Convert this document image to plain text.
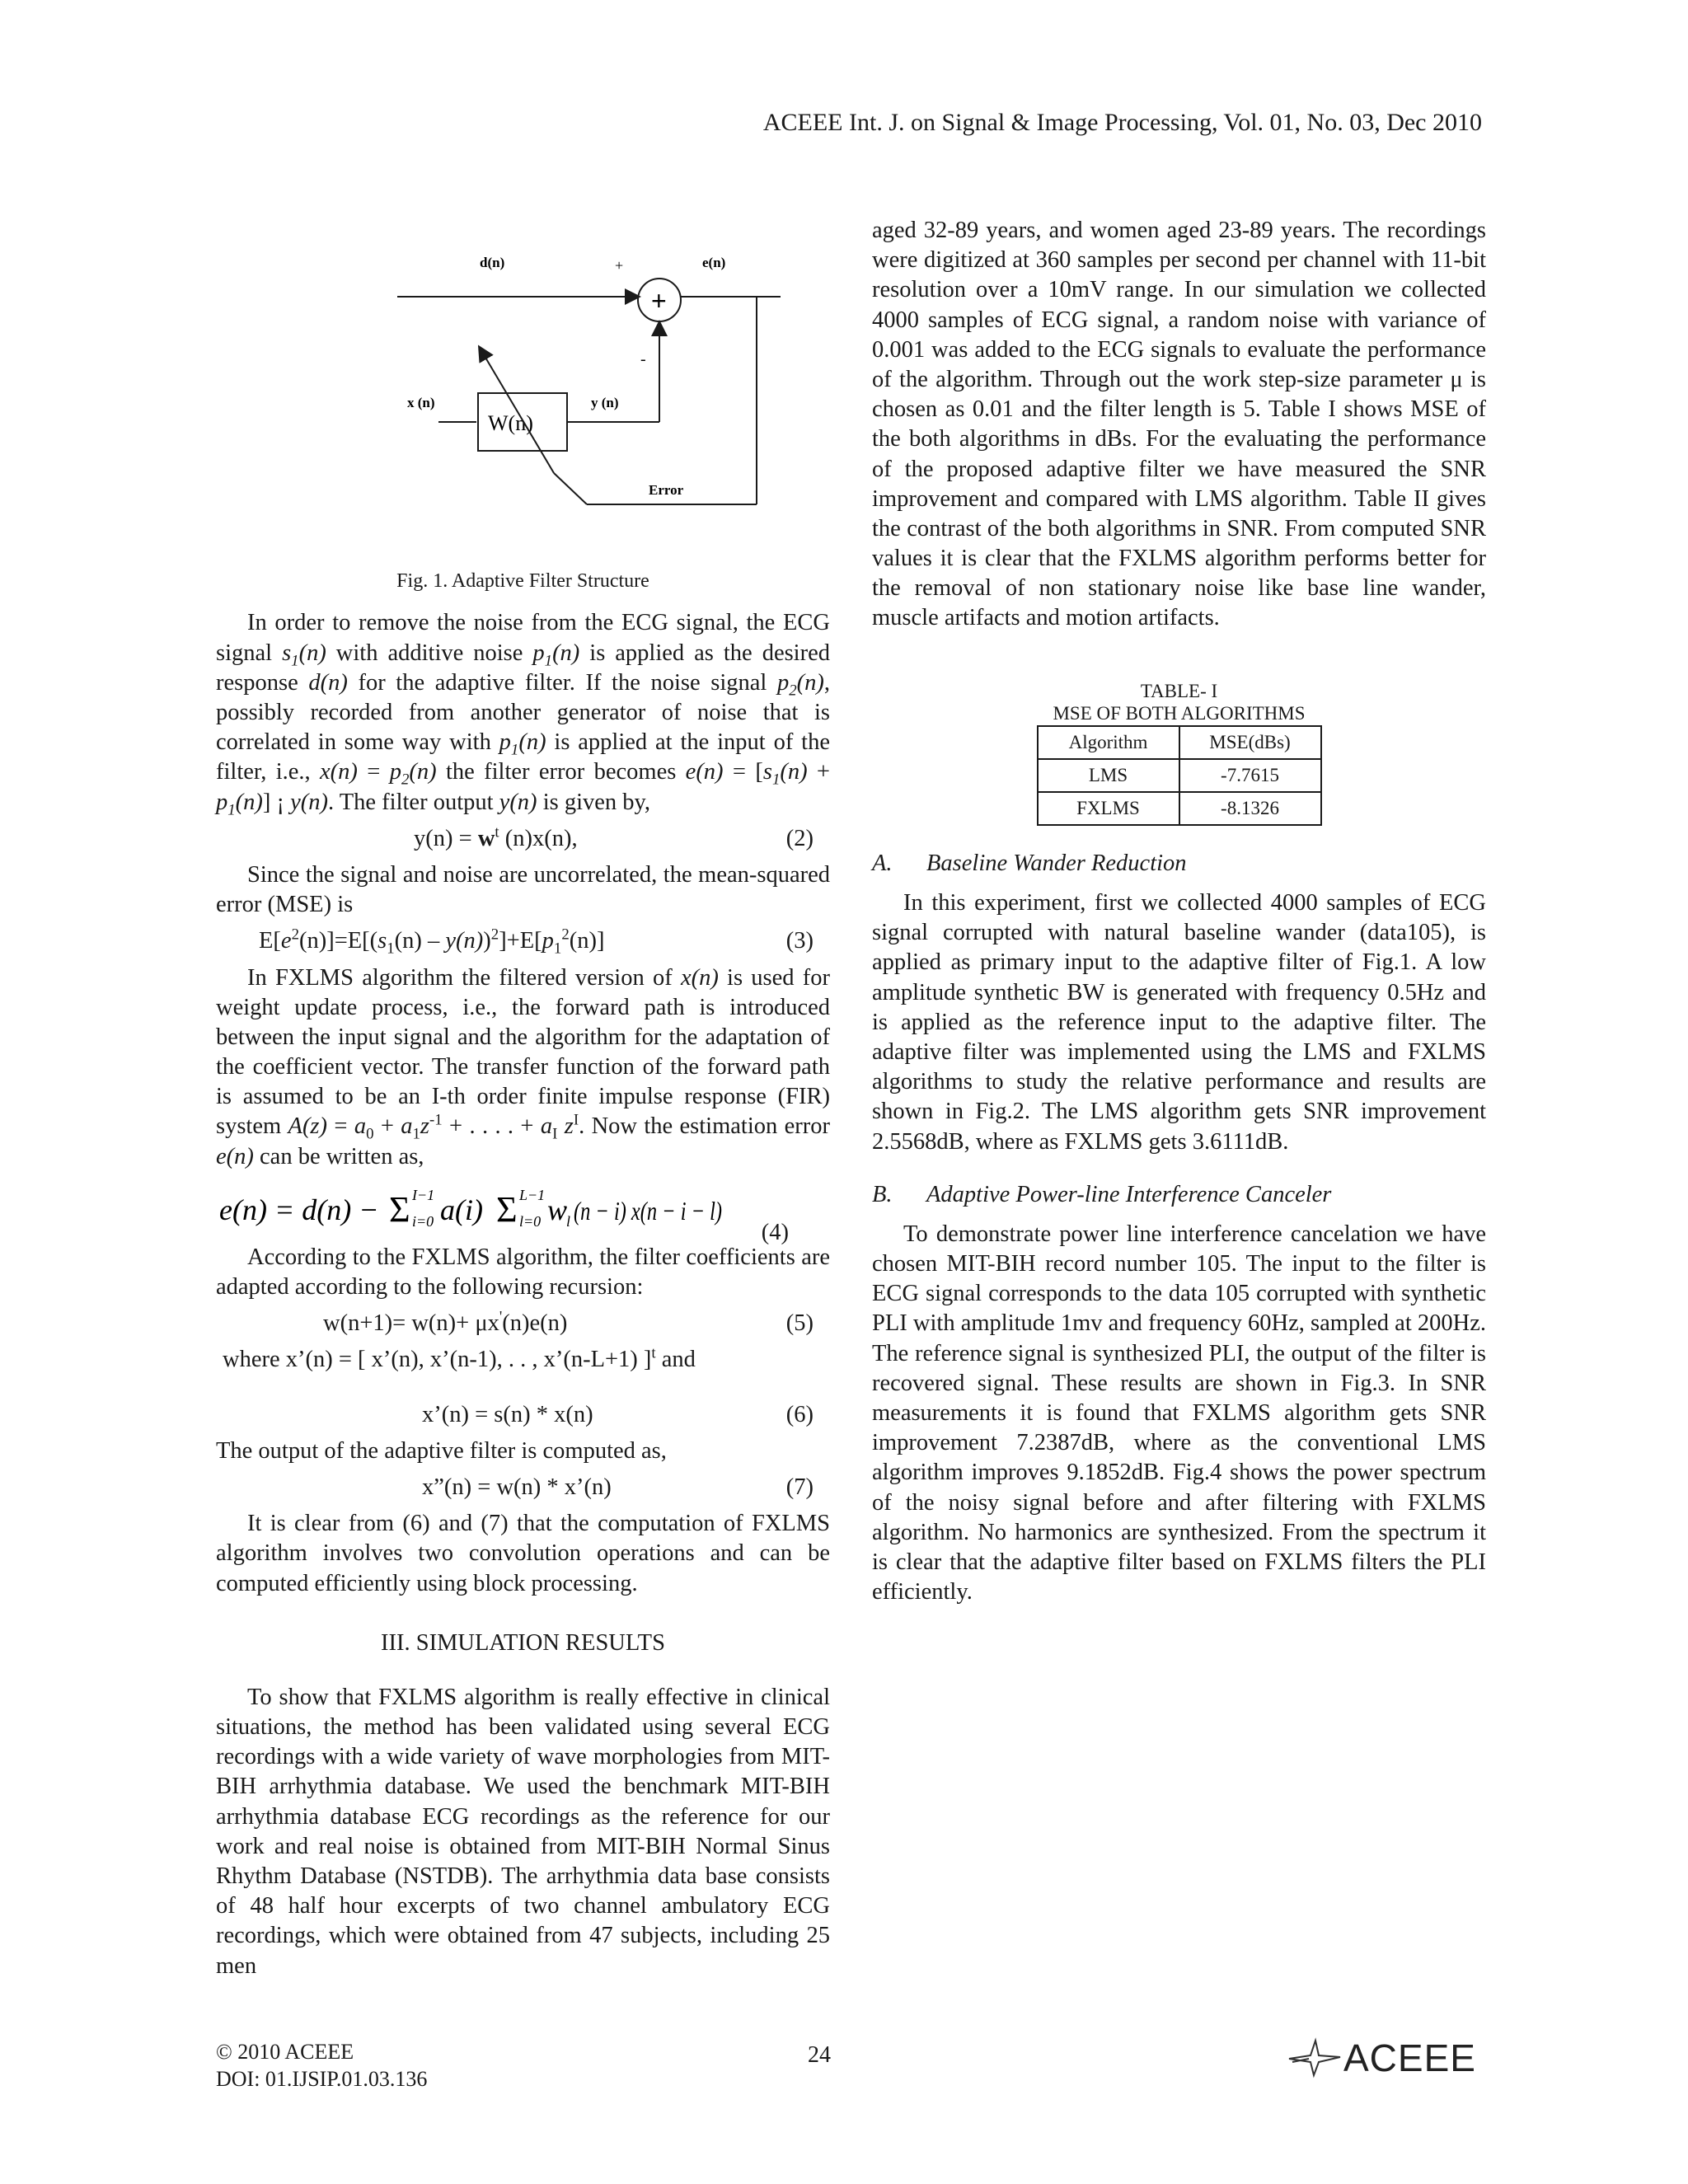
ACEEE Int. J. on Signal & Image Processing, Vol. 01, No. 03, Dec 2010
+
d(n)	+	e(n)
-
W(n)
x (n)	y (n)
Error
Fig. 1. Adaptive Filter Structure

In order to remove the noise from the ECG signal, the ECG signal $s_1(n)$ with additive noise $p_1(n)$ is applied as the desired response d(n) for the adaptive filter. If the noise signal $p_2(n)$, possibly recorded from another generator of noise that is correlated in some way with $p_1(n)$ is applied at the input of the filter, i.e., $x(n) = p_2(n)$ the filter error becomes $e(n) = [s_1(n) + p_1(n)]$ ¡ y(n). The filter output y(n) is given by,

$y(n) = w^t$ (n)x(n),	(2)

Since the signal and noise are uncorrelated, the mean-squared error (MSE) is

$E[e^2(n)]=E[(s_1(n) - y(n))^2]+E[p_1^2(n)]$	(3)

In FXLMS algorithm the filtered version of x(n) is used for weight update process, i.e., the forward path is introduced between the input signal and the algorithm for the adaptation of the coefficient vector. The transfer function of the forward path is assumed to be an I-th order finite impulse response (FIR) system $A(z) = a_0 + a_1z^{-1}$ + . . . . + $a_I$ $z^I$. Now the estimation error e(n) can be written as,

e(n) = d(n) − Σ I−1
i=0 a(i) Σ L−1
l=0 w
l (n − i) x(n − i − l)
(4)

According to the FXLMS algorithm, the filter coefficients are adapted according to the following recursion:

w(n+1)= w(n)+ μx'(n)e(n)	(5)
where x’(n) = [ x’(n), x’(n-1), . . , x’(n-L+1) ]$^t$ and
x’(n) = s(n) * x(n)	(6)

The output of the adaptive filter is computed as,

x”(n) = w(n) * x’(n)	(7)

It is clear from (6) and (7) that the computation of FXLMS algorithm involves two convolution operations and can be computed efficiently using block processing.

III. SIMULATION RESULTS

To show that FXLMS algorithm is really effective in clinical situations, the method has been validated using several ECG recordings with a wide variety of wave morphologies from MIT-BIH arrhythmia database. We used the benchmark MIT-BIH arrhythmia database ECG recordings as the reference for our work and real noise is obtained from MIT-BIH Normal Sinus Rhythm Database (NSTDB). The arrhythmia data base consists of 48 half hour excerpts of two channel ambulatory ECG recordings, which were obtained from 47 subjects, including 25 men

aged 32-89 years, and women aged 23-89 years. The recordings were digitized at 360 samples per second per channel with 11-bit resolution over a 10mV range. In our simulation we collected 4000 samples of ECG signal, a random noise with variance of 0.001 was added to the ECG signals to evaluate the performance of the algorithm. Through out the work step-size parameter μ is chosen as 0.01 and the filter length is 5. Table I shows MSE of the both algorithms in dBs. For the evaluating the performance of the proposed adaptive filter we have measured the SNR improvement and compared with LMS algorithm. Table II gives the contrast of the both algorithms in SNR. From computed SNR values it is clear that the FXLMS algorithm performs better for the removal of non stationary noise like base line wander, muscle artifacts and motion artifacts.

TABLE- I
MSE OF BOTH ALGORITHMS
Algorithm	MSE(dBs)
LMS	-7.7615
FXLMS	-8.1326
A. Baseline Wander Reduction

In this experiment, first we collected 4000 samples of ECG signal corrupted with natural baseline wander (data105), is applied as primary input to the adaptive filter of Fig.1. A low amplitude synthetic BW is generated with frequency 0.5Hz and is applied as the reference input to the adaptive filter. The adaptive filter was implemented using the LMS and FXLMS algorithms to study the relative performance and results are shown in Fig.2. The LMS algorithm gets SNR improvement 2.5568dB, where as FXLMS gets 3.6111dB.

B. Adaptive Power-line Interference Canceler

To demonstrate power line interference cancelation we have chosen MIT-BIH record number 105. The input to the filter is ECG signal corresponds to the data 105 corrupted with synthetic PLI with amplitude 1mv and frequency 60Hz, sampled at 200Hz. The reference signal is synthesized PLI, the output of the filter is recovered signal. These results are shown in Fig.3. In SNR measurements it is found that FXLMS algorithm gets SNR improvement 7.2387dB, where as the conventional LMS algorithm improves 9.1852dB. Fig.4 shows the power spectrum of the noisy signal before and after filtering with FXLMS algorithm. No harmonics are synthesized. From the spectrum it is clear that the adaptive filter based on FXLMS filters the PLI efficiently.

© 2010 ACEEE
DOI: 01.IJSIP.01.03.136
24	ACEEE
